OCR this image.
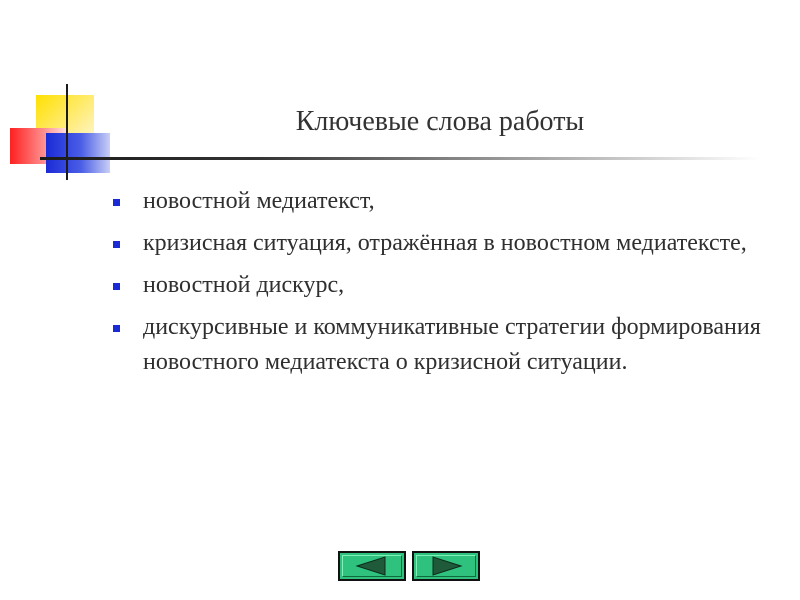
Ключевые слова работы
новостной медиатекст,
кризисная ситуация, отражённая в новостном медиатексте,
новостной дискурс,
дискурсивные и коммуникативные стратегии формирования новостного медиатекста о кризисной ситуации.
